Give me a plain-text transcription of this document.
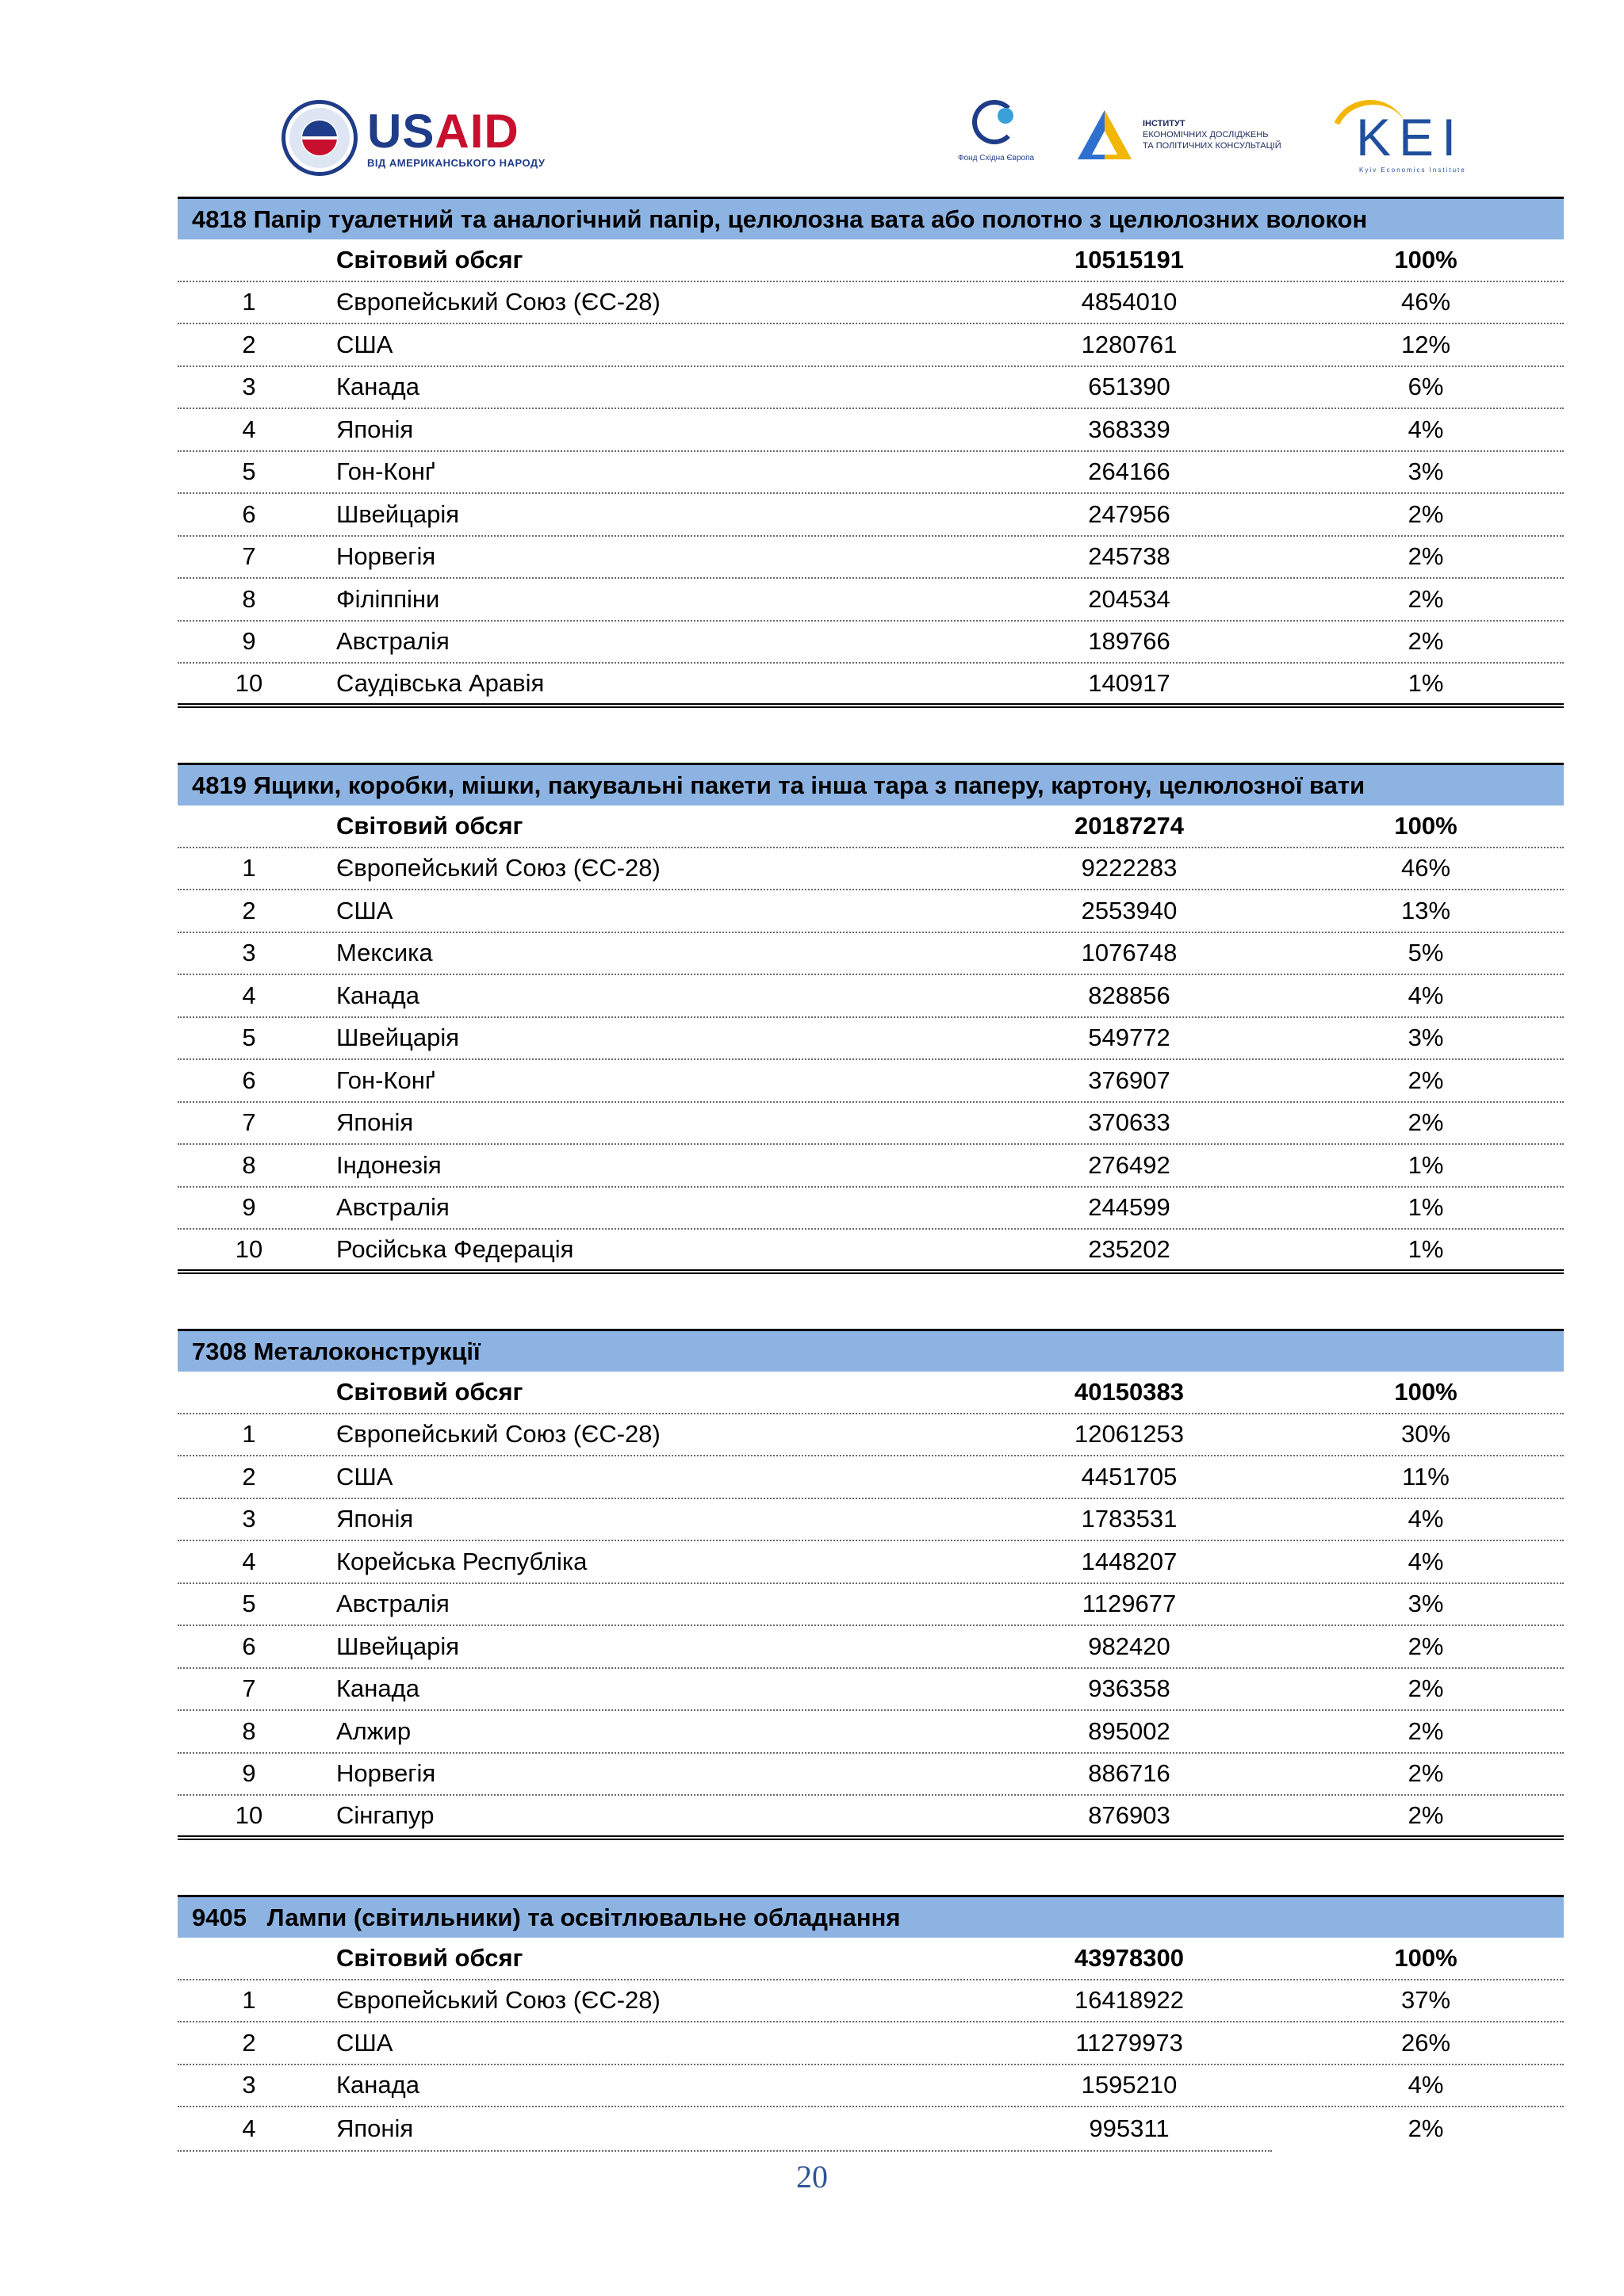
USAID
ВІД АМЕРИКАНСЬКОГО НАРОДУ	Фонд Східна Європа
ІНСТИТУТ
ЕКОНОМІЧНИХ ДОСЛІДЖЕНЬ
ТА ПОЛІТИЧНИХ КОНСУЛЬТАЦІЙ KEI
Kyiv Economics Institute
4818 Папір туалетний та аналогічний папір, целюлозна вата або полотно з целюлозних волокон
Світовий обсяг	10515191	100%
1	Європейський Союз (ЄС-28)	4854010	46%
2	США	1280761	12%
3	Канада	651390	6%
4	Японія	368339	4%
5	Гон-Конґ	264166	3%
6	Швейцарія	247956	2%
7	Норвегія	245738	2%
8	Філіппіни	204534	2%
9	Австралія	189766	2%
10	Саудівська Аравія	140917	1%
4819 Ящики, коробки, мішки, пакувальні пакети та інша тара з паперу, картону, целюлозної вати
Світовий обсяг	20187274	100%
1	Європейський Союз (ЄС-28)	9222283	46%
2	США	2553940	13%
3	Мексика	1076748	5%
4	Канада	828856	4%
5	Швейцарія	549772	3%
6	Гон-Конґ	376907	2%
7	Японія	370633	2%
8	Індонезія	276492	1%
9	Австралія	244599	1%
10	Російська Федерація	235202	1%
7308 Металоконструкції
Світовий обсяг	40150383	100%
1	Європейський Союз (ЄС-28)	12061253	30%
2	США	4451705	11%
3	Японія	1783531	4%
4	Корейська Республіка	1448207	4%
5	Австралія	1129677	3%
6	Швейцарія	982420	2%
7	Канада	936358	2%
8	Алжир	895002	2%
9	Норвегія	886716	2%
10	Сінгапур	876903	2%
9405   Лампи (світильники) та освітлювальне обладнання
Світовий обсяг	43978300	100%
1	Європейський Союз (ЄС-28)	16418922	37%
2	США	11279973	26%
3	Канада	1595210	4%
4	Японія	995311	2%
20
